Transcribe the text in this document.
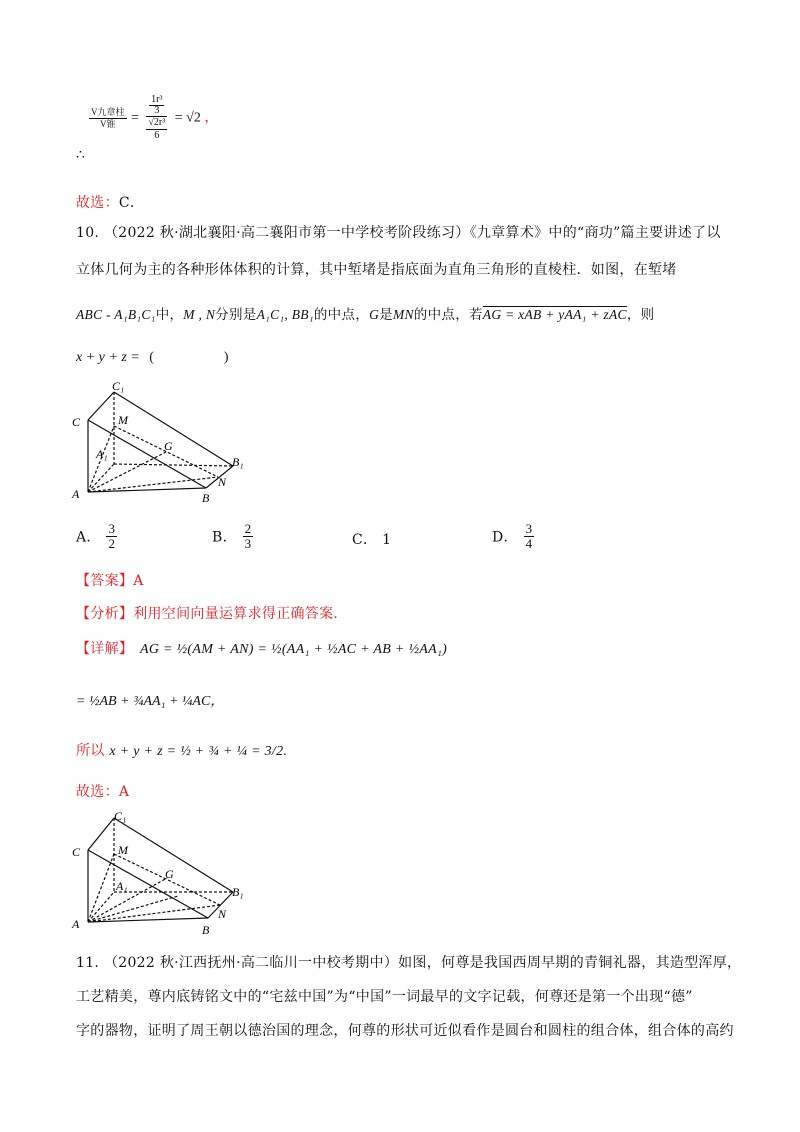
$\frac{\text{V九章柱}}{\text{V锥}} = \frac{\frac{\text{1r³}}{3}}{\frac{\text{√2r³}}{6}} = √2$ ，
∴
故选：C．
10. （2022 秋·湖北襄阳·高二襄阳市第一中学校考阶段练习）《九章算术》中的“商功”篇主要讲述了以
立体几何为主的各种形体体积的计算，其中堑堵是指底面为直角三角形的直棱柱．如图，在堑堵
ABC - A₁B₁C₁中，M , N分别是A₁C₁, BB₁的中点，G是MN的中点，若AG = xAB + yAA₁ + zAC，则
x + y + z = (　　　　　)
C₁
C	M
G
A₁
B₁
N
A	B
A． $\frac{3}{2}$	B． $\frac{2}{3}$	C． 1	D． $\frac{3}{4}$
【答案】A
【分析】利用空间向量运算求得正确答案.
【详解】 AG = ½(AM + AN) = ½(AA₁ + ½AC + AB + ½AA₁)
= ½AB + ¾AA₁ + ¼AC，
所以 x + y + z = ½ + ¾ + ¼ = 3/2.
故选：A
C₁
C	M
G
A₁	B₁
N
A	B
11. （2022 秋·江西抚州·高二临川一中校考期中）如图，何尊是我国西周早期的青铜礼器，其造型浑厚，
工艺精美，尊内底铸铭文中的“宅兹中国”为“中国”一词最早的文字记载，何尊还是第一个出现“德”
字的器物，证明了周王朝以德治国的理念，何尊的形状可近似看作是圆台和圆柱的组合体，组合体的高约
